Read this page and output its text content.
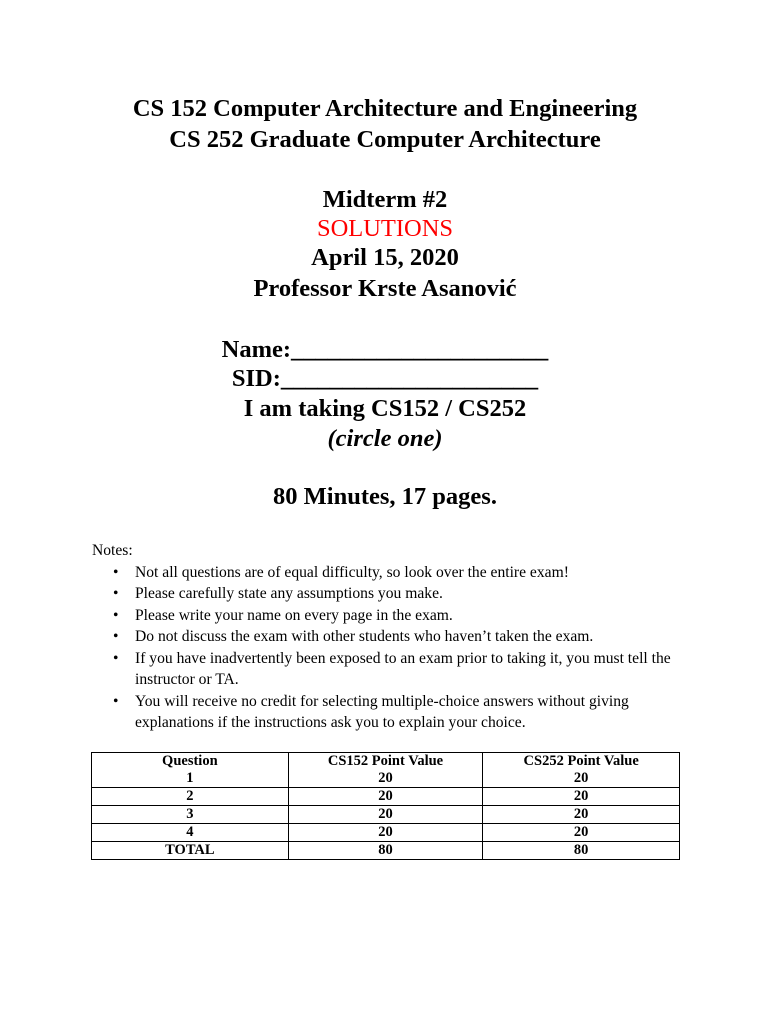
CS 152 Computer Architecture and Engineering
CS 252 Graduate Computer Architecture
Midterm #2
SOLUTIONS
April 15, 2020
Professor Krste Asanović
Name:_____________________
SID:_____________________
I am taking CS152 / CS252
(circle one)
80 Minutes, 17 pages.
Notes:
• Not all questions are of equal difficulty, so look over the entire exam!
• Please carefully state any assumptions you make.
• Please write your name on every page in the exam.
• Do not discuss the exam with other students who haven’t taken the exam.
• If you have inadvertently been exposed to an exam prior to taking it, you must tell the instructor or TA.
• You will receive no credit for selecting multiple-choice answers without giving explanations if the instructions ask you to explain your choice.
Question	CS152 Point Value	CS252 Point Value
1	20	20
2	20	20
3	20	20
4	20	20
TOTAL	80	80
